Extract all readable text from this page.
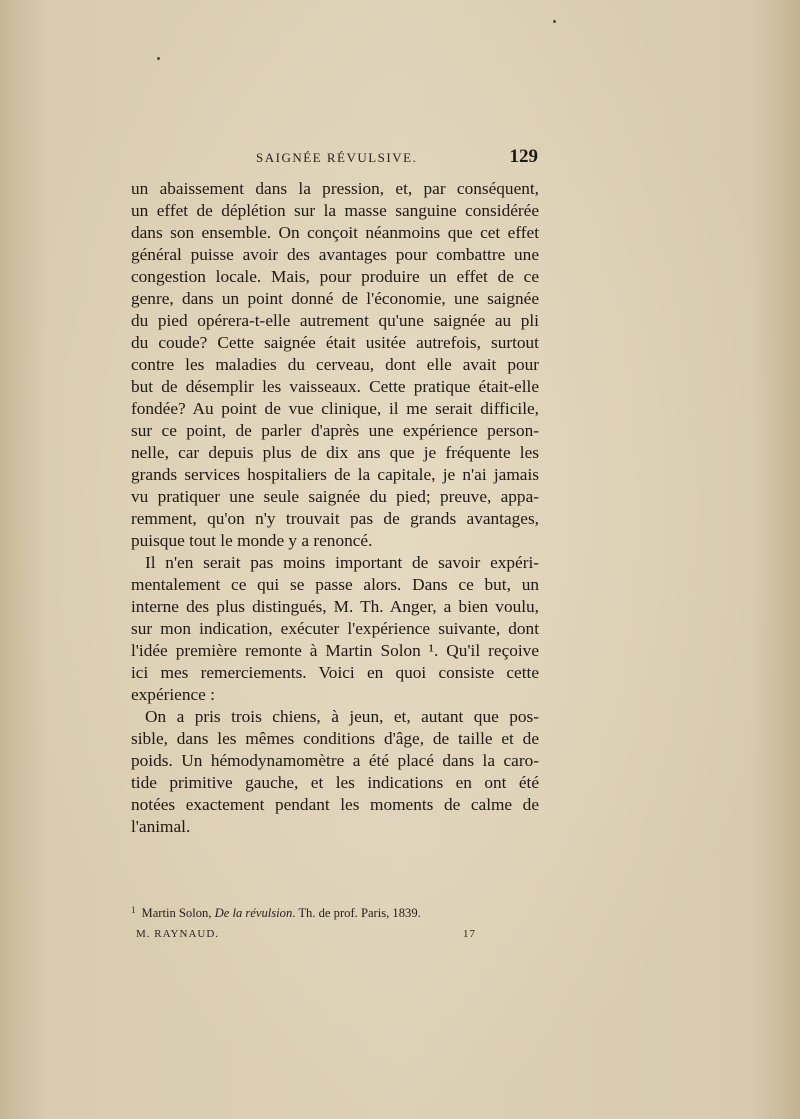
SAIGNÉE RÉVULSIVE.	129
un abaissement dans la pression, et, par conséquent,
un effet de déplétion sur la masse sanguine considérée
dans son ensemble. On conçoit néanmoins que cet effet
général puisse avoir des avantages pour combattre une
congestion locale. Mais, pour produire un effet de ce
genre, dans un point donné de l'économie, une saignée
du pied opérera-t-elle autrement qu'une saignée au pli
du coude? Cette saignée était usitée autrefois, surtout
contre les maladies du cerveau, dont elle avait pour
but de désemplir les vaisseaux. Cette pratique était-elle
fondée? Au point de vue clinique, il me serait difficile,
sur ce point, de parler d'après une expérience person-
nelle, car depuis plus de dix ans que je fréquente les
grands services hospitaliers de la capitale, je n'ai jamais
vu pratiquer une seule saignée du pied; preuve, appa-
remment, qu'on n'y trouvait pas de grands avantages,
puisque tout le monde y a renoncé.
Il n'en serait pas moins important de savoir expéri-
mentalement ce qui se passe alors. Dans ce but, un
interne des plus distingués, M. Th. Anger, a bien voulu,
sur mon indication, exécuter l'expérience suivante, dont
l'idée première remonte à Martin Solon ¹. Qu'il reçoive
ici mes remerciements. Voici en quoi consiste cette
expérience :
On a pris trois chiens, à jeun, et, autant que pos-
sible, dans les mêmes conditions d'âge, de taille et de
poids. Un hémodynamomètre a été placé dans la caro-
tide primitive gauche, et les indications en ont été
notées exactement pendant les moments de calme de
l'animal.
$^1$ Martin Solon, De la révulsion. Th. de prof. Paris, 1839.
M. RAYNAUD.	17
